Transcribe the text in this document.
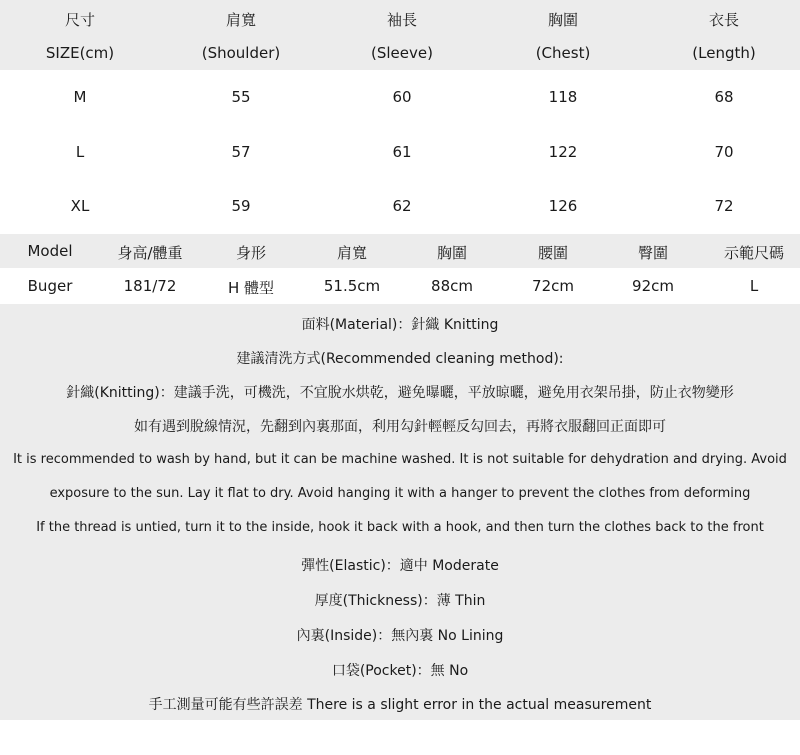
尺寸	肩寬	袖長	胸圍	衣長
SIZE(cm)	(Shoulder)	(Sleeve)	(Chest)	(Length)
M	55	60	118	68
L	57	61	122	70
XL	59	62	126	72
Model	身高/體重	身形	肩寬	胸圍	腰圍	臀圍	示範尺碼
Buger	181/72	H 體型	51.5cm	88cm	72cm	92cm	L
面料(Material)：針織 Knitting
建議清洗方式(Recommended cleaning method):
針織(Knitting)：建議手洗，可機洗，不宜脫水烘乾，避免曝曬，平放晾曬，避免用衣架吊掛，防止衣物變形
如有遇到脫線情況，先翻到內裏那面，利用勾針輕輕反勾回去，再將衣服翻回正面即可
It is recommended to wash by hand, but it can be machine washed. It is not suitable for dehydration and drying. Avoid
exposure to the sun. Lay it flat to dry. Avoid hanging it with a hanger to prevent the clothes from deforming
If the thread is untied, turn it to the inside, hook it back with a hook, and then turn the clothes back to the front
彈性(Elastic)：適中 Moderate
厚度(Thickness)：薄 Thin
內裏(Inside)：無內裏 No Lining
口袋(Pocket)：無 No
手工測量可能有些許誤差 There is a slight error in the actual measurement
